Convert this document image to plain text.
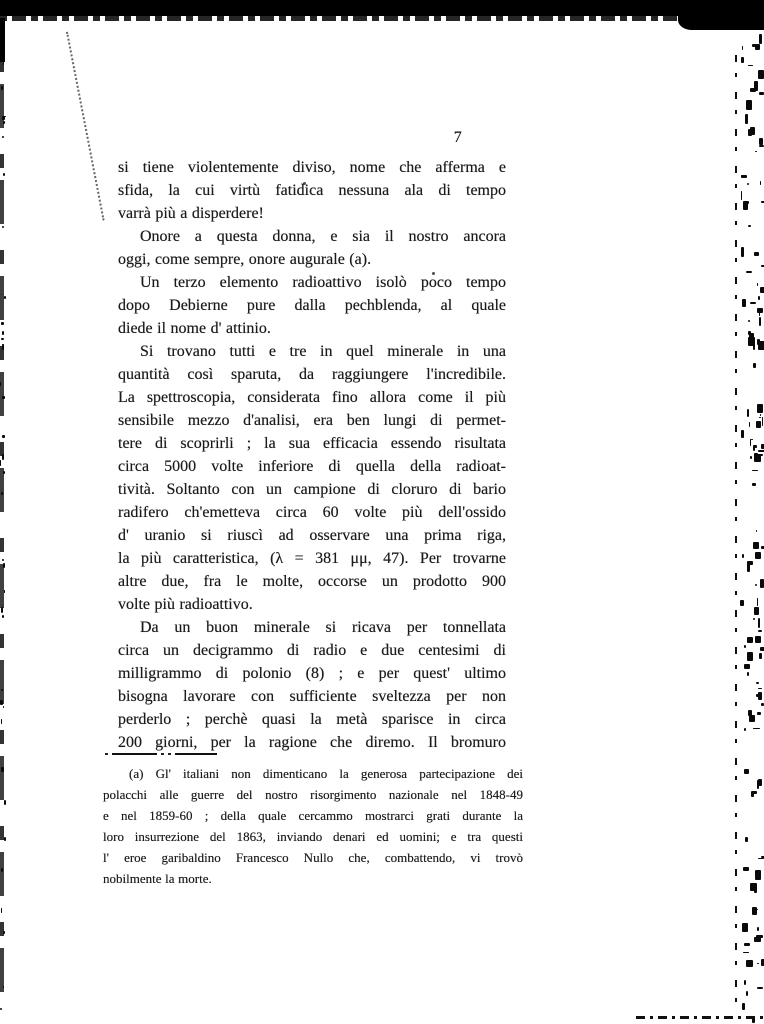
7
si tiene violentemente diviso, nome che afferma e
sfida, la cui virtù fatidica nessuna ala di tempo
varrà più a disperdere!
Onore a questa donna, e sia il nostro ancora
oggi, come sempre, onore augurale (a).
Un terzo elemento radioattivo isolò poco tempo
dopo Debierne pure dalla pechblenda, al quale
diede il nome d' attinio.
Si trovano tutti e tre in quel minerale in una
quantità così sparuta, da raggiungere l'incredibile.
La spettroscopia, considerata fino allora come il più
sensibile mezzo d'analisi, era ben lungi di permet-
tere di scoprirli ; la sua efficacia essendo risultata
circa 5000 volte inferiore di quella della radioat-
tività. Soltanto con un campione di cloruro di bario
radifero ch'emetteva circa 60 volte più dell'ossido
d' uranio si riuscì ad osservare una prima riga,
la più caratteristica, (λ = 381 μμ, 47). Per trovarne
altre due, fra le molte, occorse un prodotto 900
volte più radioattivo.
Da un buon minerale si ricava per tonnellata
circa un decigrammo di radio e due centesimi di
milligrammo di polonio (8) ; e per quest' ultimo
bisogna lavorare con sufficiente sveltezza per non
perderlo ; perchè quasi la metà sparisce in circa
200 giorni, per la ragione che diremo. Il bromuro
(a) Gl' italiani non dimenticano la generosa partecipazione dei
polacchi alle guerre del nostro risorgimento nazionale nel 1848-49
e nel 1859-60 ; della quale cercammo mostrarci grati durante la
loro insurrezione del 1863, inviando denari ed uomini; e tra questi
l' eroe garibaldino Francesco Nullo che, combattendo, vi trovò
nobilmente la morte.
